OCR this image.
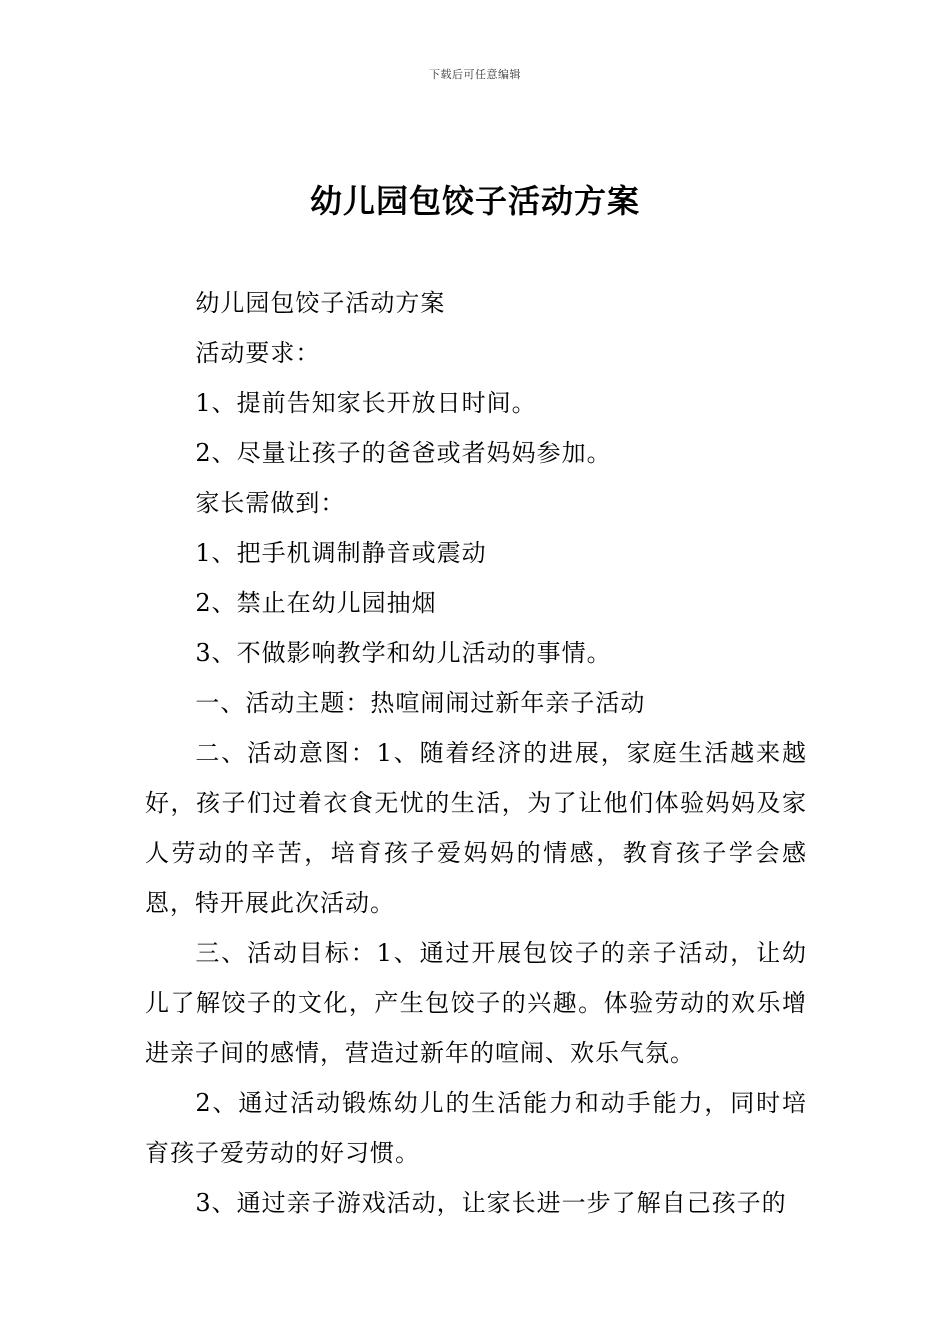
下载后可任意编辑
幼儿园包饺子活动方案

幼儿园包饺子活动方案

活动要求：

1、提前告知家长开放日时间。

2、尽量让孩子的爸爸或者妈妈参加。

家长需做到：

1、把手机调制静音或震动

2、禁止在幼儿园抽烟

3、不做影响教学和幼儿活动的事情。

一、活动主题：热喧闹闹过新年亲子活动

二、活动意图：1、随着经济的进展，家庭生活越来越好，孩子们过着衣食无忧的生活，为了让他们体验妈妈及家人劳动的辛苦，培育孩子爱妈妈的情感，教育孩子学会感恩，特开展此次活动。

三、活动目标：1、通过开展包饺子的亲子活动，让幼儿了解饺子的文化，产生包饺子的兴趣。体验劳动的欢乐增进亲子间的感情，营造过新年的喧闹、欢乐气氛。

2、通过活动锻炼幼儿的生活能力和动手能力，同时培育孩子爱劳动的好习惯。

3、通过亲子游戏活动，让家长进一步了解自己孩子的
